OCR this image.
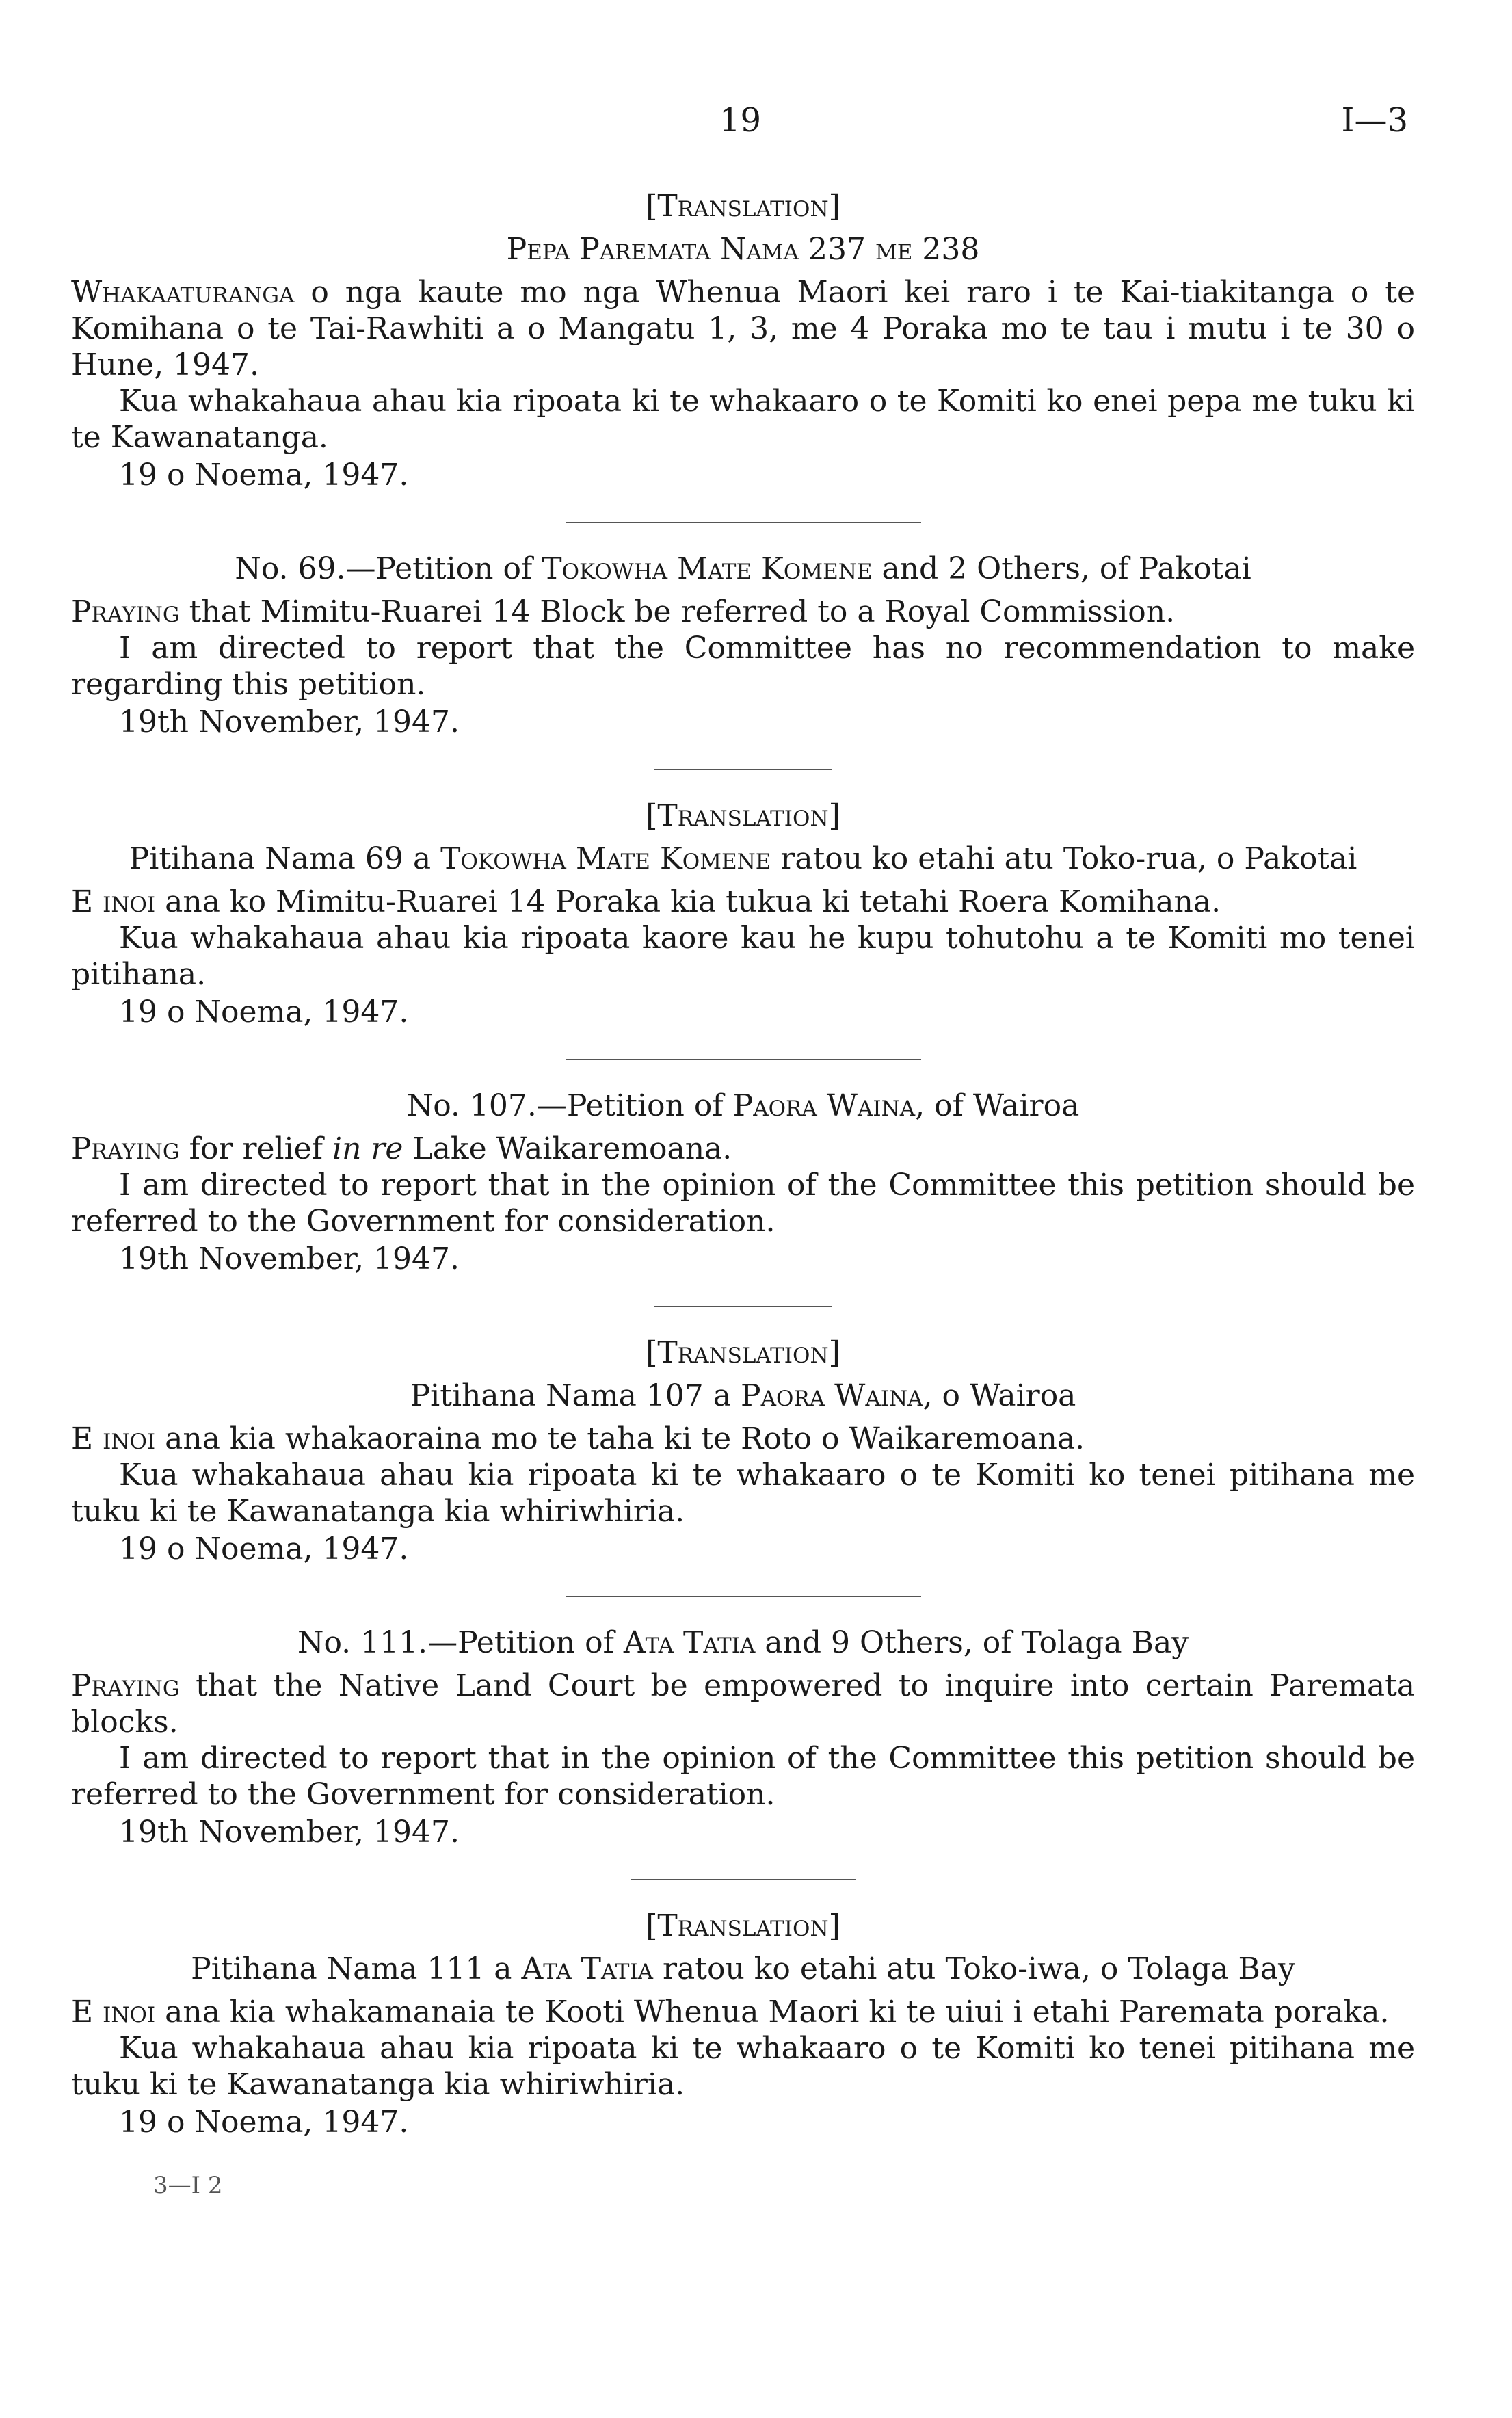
19	I—3
[Translation]
Pepa Paremata Nama 237 me 238

Whakaaturanga o nga kaute mo nga Whenua Maori kei raro i te Kai-tiakitanga o te Komihana o te Tai-Rawhiti a o Mangatu 1, 3, me 4 Poraka mo te tau i mutu i te 30 o Hune, 1947.

Kua whakahaua ahau kia ripoata ki te whakaaro o te Komiti ko enei pepa me tuku ki te Kawanatanga.

19 o Noema, 1947.
No. 69.—Petition of Tokowha Mate Komene and 2 Others, of Pakotai

Praying that Mimitu-Ruarei 14 Block be referred to a Royal Commission.

I am directed to report that the Committee has no recommendation to make regarding this petition.

19th November, 1947.
[Translation]
Pitihana Nama 69 a Tokowha Mate Komene ratou ko etahi atu Toko-rua, o Pakotai

E inoi ana ko Mimitu-Ruarei 14 Poraka kia tukua ki tetahi Roera Komihana.

Kua whakahaua ahau kia ripoata kaore kau he kupu tohutohu a te Komiti mo tenei pitihana.

19 o Noema, 1947.
No. 107.—Petition of Paora Waina, of Wairoa

Praying for relief in re Lake Waikaremoana.

I am directed to report that in the opinion of the Committee this petition should be referred to the Government for consideration.

19th November, 1947.
[Translation]
Pitihana Nama 107 a Paora Waina, o Wairoa

E inoi ana kia whakaoraina mo te taha ki te Roto o Waikaremoana.

Kua whakahaua ahau kia ripoata ki te whakaaro o te Komiti ko tenei pitihana me tuku ki te Kawanatanga kia whiriwhiria.

19 o Noema, 1947.
No. 111.—Petition of Ata Tatia and 9 Others, of Tolaga Bay

Praying that the Native Land Court be empowered to inquire into certain Paremata blocks.

I am directed to report that in the opinion of the Committee this petition should be referred to the Government for consideration.

19th November, 1947.
[Translation]
Pitihana Nama 111 a Ata Tatia ratou ko etahi atu Toko-iwa, o Tolaga Bay

E inoi ana kia whakamanaia te Kooti Whenua Maori ki te uiui i etahi Paremata poraka.

Kua whakahaua ahau kia ripoata ki te whakaaro o te Komiti ko tenei pitihana me tuku ki te Kawanatanga kia whiriwhiria.

19 o Noema, 1947.
3—I 2
